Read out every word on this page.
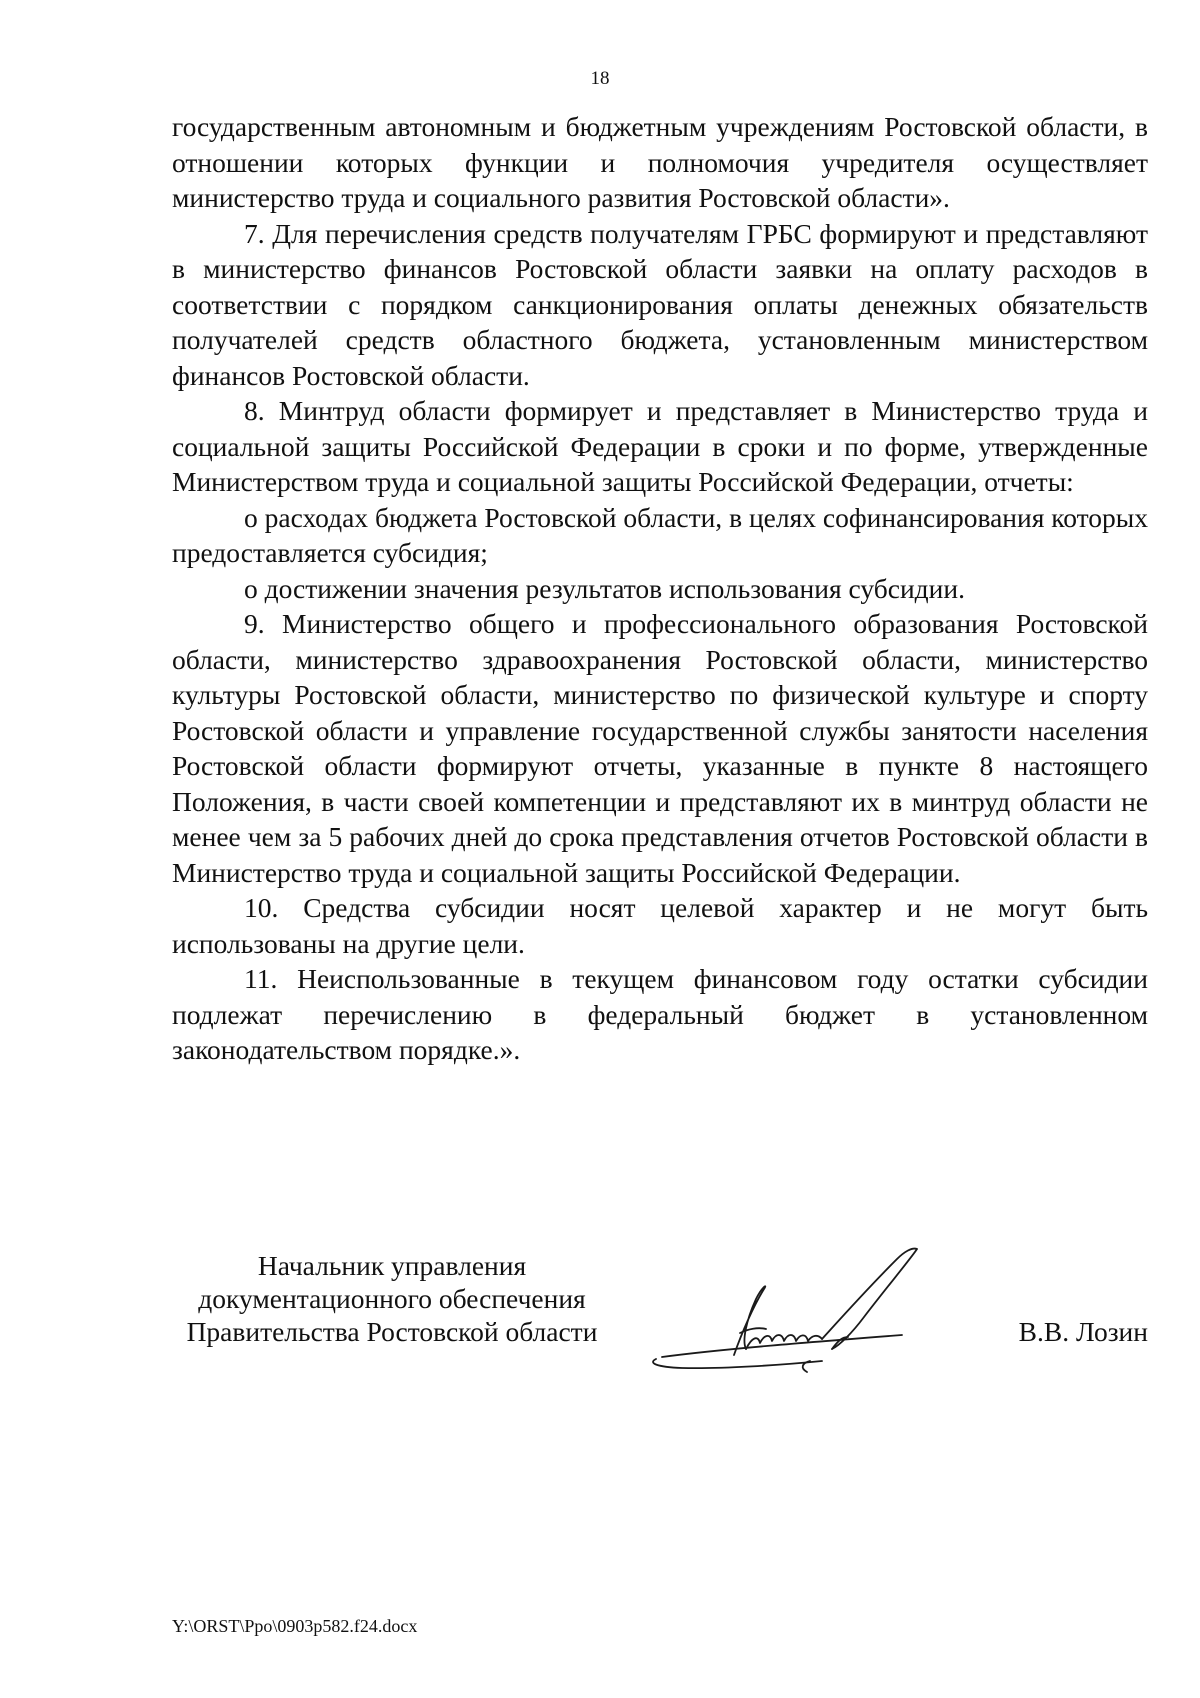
18

государственным автономным и бюджетным учреждениям Ростовской области, в отношении которых функции и полномочия учредителя осуществляет министерство труда и социального развития Ростовской области».

7. Для перечисления средств получателям ГРБС формируют и представляют в министерство финансов Ростовской области заявки на оплату расходов в соответствии с порядком санкционирования оплаты денежных обязательств получателей средств областного бюджета, установленным министерством финансов Ростовской области.

8. Минтруд области формирует и представляет в Министерство труда и социальной защиты Российской Федерации в сроки и по форме, утвержденные Министерством труда и социальной защиты Российской Федерации, отчеты:

о расходах бюджета Ростовской области, в целях софинансирования которых предоставляется субсидия;

о достижении значения результатов использования субсидии.

9. Министерство общего и профессионального образования Ростовской области, министерство здравоохранения Ростовской области, министерство культуры Ростовской области, министерство по физической культуре и спорту Ростовской области и управление государственной службы занятости населения Ростовской области формируют отчеты, указанные в пункте 8 настоящего Положения, в части своей компетенции и представляют их в минтруд области не менее чем за 5 рабочих дней до срока представления отчетов Ростовской области в Министерство труда и социальной защиты Российской Федерации.

10. Средства субсидии носят целевой характер и не могут быть использованы на другие цели.

11. Неиспользованные в текущем финансовом году остатки субсидии подлежат перечислению в федеральный бюджет в установленном законодательством порядке.».

Начальник управления
документационного обеспечения
Правительства Ростовской области	В.В. Лозин
Y:\ORST\Ppo\0903p582.f24.docx
